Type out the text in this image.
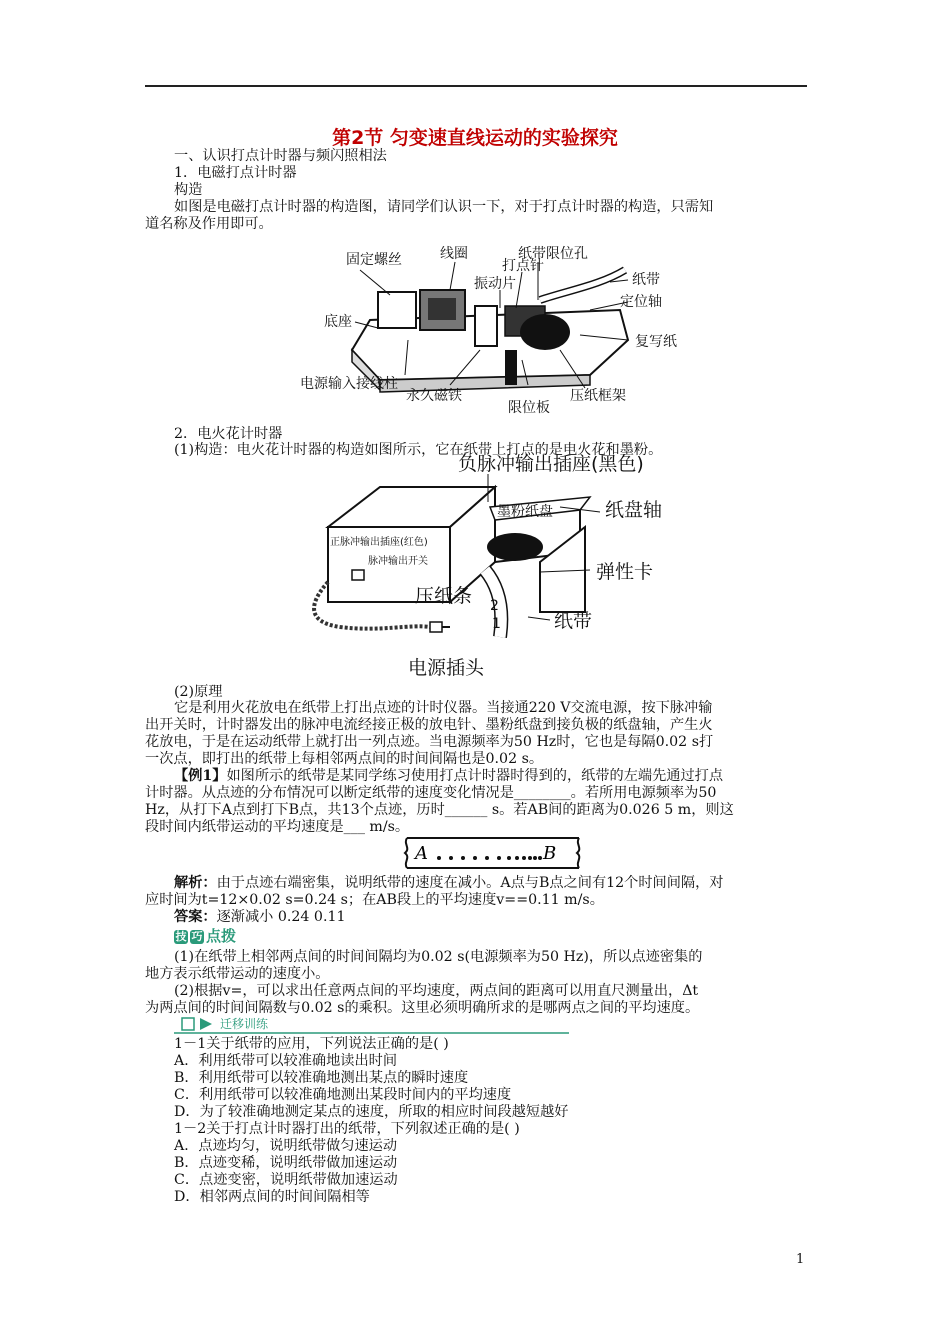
第2节 匀变速直线运动的实验探究
一、认识打点计时器与频闪照相法
1．电磁打点计时器
构造
如图是电磁打点计时器的构造图，请同学们认识一下，对于打点计时器的构造，只需知
道名称及作用即可。
固定螺丝	线圈	纸带限位孔
打点针
振动片	纸带
定位轴
底座
复写纸
电源输入接线柱
永久磁铁	压纸框架
限位板
2．电火花计时器
(1)构造：电火花计时器的构造如图所示，它在纸带上打点的是电火花和墨粉。
负脉冲输出插座(黑色)
墨粉纸盘	纸盘轴
正脉冲输出插座(红色)
脉冲输出开关	弹性卡
压纸条
纸带
电源插头
2
1
(2)原理
它是利用火花放电在纸带上打出点迹的计时仪器。当接通220 V交流电源，按下脉冲输
出开关时，计时器发出的脉冲电流经接正极的放电针、墨粉纸盘到接负极的纸盘轴，产生火
花放电，于是在运动纸带上就打出一列点迹。当电源频率为50 Hz时，它也是每隔0.02 s打
一次点，即打出的纸带上每相邻两点间的时间间隔也是0.02 s。
【例1】如图所示的纸带是某同学练习使用打点计时器时得到的，纸带的左端先通过打点
计时器。从点迹的分布情况可以断定纸带的速度变化情况是________。若所用电源频率为50
Hz，从打下A点到打下B点，共13个点迹，历时______ s。若AB间的距离为0.026 5 m，则这
段时间内纸带运动的平均速度是___ m/s。
A	B
解析：由于点迹右端密集，说明纸带的速度在减小。A点与B点之间有12个时间间隔，对
应时间为t=12×0.02 s=0.24 s；在AB段上的平均速度v==0.11 m/s。
答案：逐渐减小 0.24 0.11
技 巧 点拨
(1)在纸带上相邻两点间的时间间隔均为0.02 s(电源频率为50 Hz)，所以点迹密集的
地方表示纸带运动的速度小。
(2)根据v=，可以求出任意两点间的平均速度，两点间的距离可以用直尺测量出，Δt
为两点间的时间间隔数与0.02 s的乘积。这里必须明确所求的是哪两点之间的平均速度。
迁移训练
1－1关于纸带的应用，下列说法正确的是( )
A．利用纸带可以较准确地读出时间
B．利用纸带可以较准确地测出某点的瞬时速度
C．利用纸带可以较准确地测出某段时间内的平均速度
D．为了较准确地测定某点的速度，所取的相应时间段越短越好
1－2关于打点计时器打出的纸带，下列叙述正确的是( )
A．点迹均匀，说明纸带做匀速运动
B．点迹变稀，说明纸带做加速运动
C．点迹变密，说明纸带做加速运动
D．相邻两点间的时间间隔相等
1
